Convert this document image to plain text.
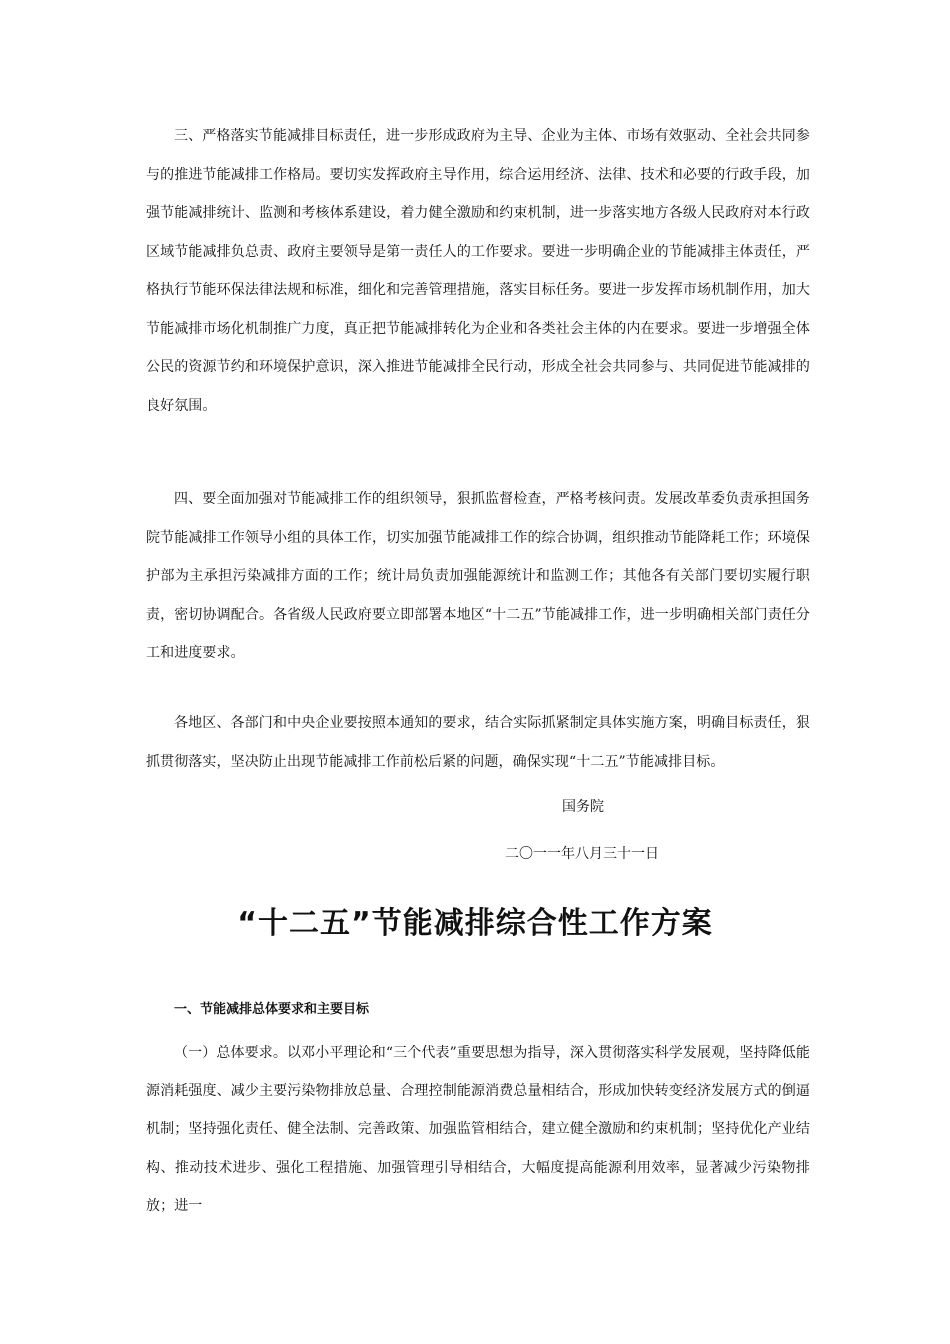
三、严格落实节能减排目标责任，进一步形成政府为主导、企业为主体、市场有效驱动、全社会共同参与的推进节能减排工作格局。要切实发挥政府主导作用，综合运用经济、法律、技术和必要的行政手段，加强节能减排统计、监测和考核体系建设，着力健全激励和约束机制，进一步落实地方各级人民政府对本行政区域节能减排负总责、政府主要领导是第一责任人的工作要求。要进一步明确企业的节能减排主体责任，严格执行节能环保法律法规和标准，细化和完善管理措施，落实目标任务。要进一步发挥市场机制作用，加大节能减排市场化机制推广力度，真正把节能减排转化为企业和各类社会主体的内在要求。要进一步增强全体公民的资源节约和环境保护意识，深入推进节能减排全民行动，形成全社会共同参与、共同促进节能减排的良好氛围。

四、要全面加强对节能减排工作的组织领导，狠抓监督检查，严格考核问责。发展改革委负责承担国务院节能减排工作领导小组的具体工作，切实加强节能减排工作的综合协调，组织推动节能降耗工作；环境保护部为主承担污染减排方面的工作；统计局负责加强能源统计和监测工作；其他各有关部门要切实履行职责，密切协调配合。各省级人民政府要立即部署本地区“十二五”节能减排工作，进一步明确相关部门责任分工和进度要求。

各地区、各部门和中央企业要按照本通知的要求，结合实际抓紧制定具体实施方案，明确目标责任，狠抓贯彻落实，坚决防止出现节能减排工作前松后紧的问题，确保实现“十二五”节能减排目标。

国务院

二〇一一年八月三十一日

“十二五”节能减排综合性工作方案
一、节能减排总体要求和主要目标

（一）总体要求。以邓小平理论和“三个代表”重要思想为指导，深入贯彻落实科学发展观，坚持降低能源消耗强度、减少主要污染物排放总量、合理控制能源消费总量相结合，形成加快转变经济发展方式的倒逼机制；坚持强化责任、健全法制、完善政策、加强监管相结合，建立健全激励和约束机制；坚持优化产业结构、推动技术进步、强化工程措施、加强管理引导相结合，大幅度提高能源利用效率，显著减少污染物排放；进一
